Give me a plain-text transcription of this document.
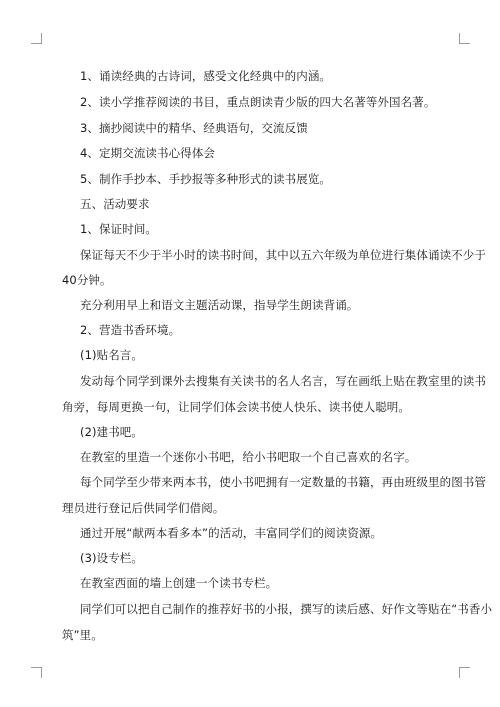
1、诵读经典的古诗词，感受文化经典中的内涵。
2、读小学推荐阅读的书目，重点朗读青少版的四大名著等外国名著。
3、摘抄阅读中的精华、经典语句，交流反馈
4、定期交流读书心得体会
5、制作手抄本、手抄报等多种形式的读书展览。
五、活动要求
1、保证时间。
保证每天不少于半小时的读书时间，其中以五六年级为单位进行集体诵读不少于
40分钟。
充分利用早上和语文主题活动课，指导学生朗读背诵。
2、营造书香环境。
(1)贴名言。
发动每个同学到课外去搜集有关读书的名人名言，写在画纸上贴在教室里的读书
角旁，每周更换一句，让同学们体会读书使人快乐、读书使人聪明。
(2)建书吧。
在教室的里造一个迷你小书吧，给小书吧取一个自己喜欢的名字。
每个同学至少带来两本书，使小书吧拥有一定数量的书籍，再由班级里的图书管
理员进行登记后供同学们借阅。
通过开展“献两本看多本”的活动，丰富同学们的阅读资源。
(3)设专栏。
在教室西面的墙上创建一个读书专栏。
同学们可以把自己制作的推荐好书的小报，撰写的读后感、好作文等贴在“书香小
筑”里。
